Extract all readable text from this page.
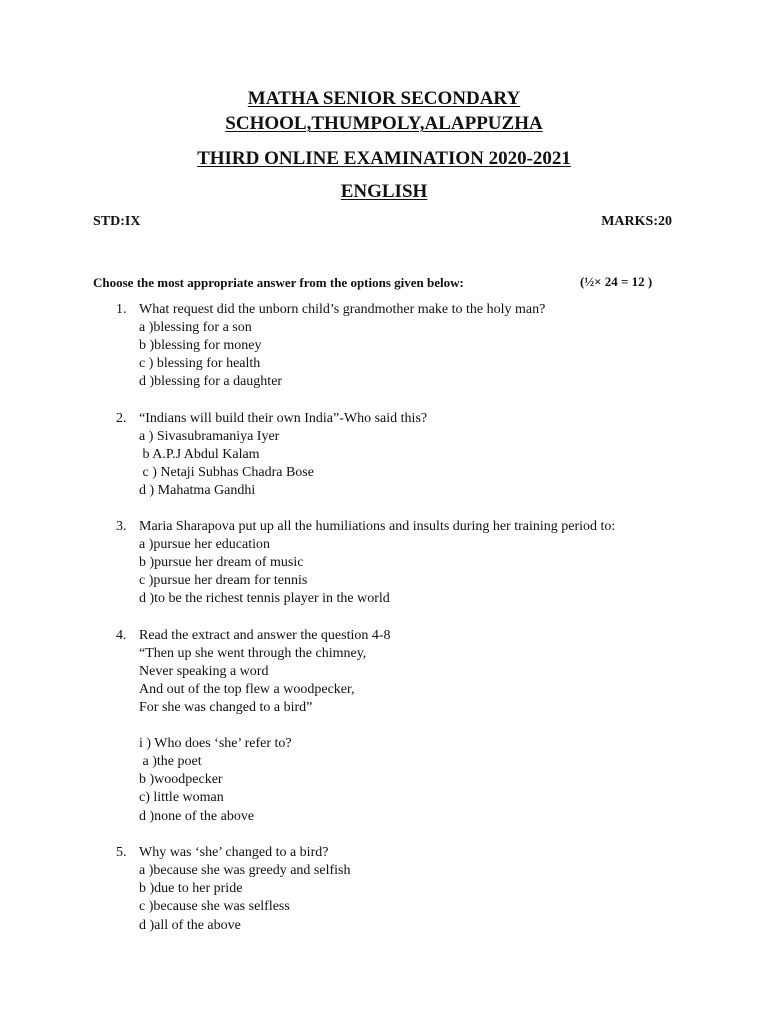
MATHA SENIOR SECONDARY
SCHOOL,THUMPOLY,ALAPPUZHA
THIRD ONLINE EXAMINATION 2020-2021
ENGLISH
STD:IX	MARKS:20
Choose the most appropriate answer from the options given below:	(½× 24 = 12 )
1. What request did the unborn child’s grandmother make to the holy man?
a )blessing for a son
b )blessing for money
c ) blessing for health
d )blessing for a daughter
2. “Indians will build their own India”-Who said this?
a ) Sivasubramaniya Iyer
b A.P.J Abdul Kalam
c ) Netaji Subhas Chadra Bose
d ) Mahatma Gandhi
3. Maria Sharapova put up all the humiliations and insults during her training period to:
a )pursue her education
b )pursue her dream of music
c )pursue her dream for tennis
d )to be the richest tennis player in the world
4. Read the extract and answer the question 4-8
“Then up she went through the chimney,
Never speaking a word
And out of the top flew a woodpecker,
For she was changed to a bird”
i ) Who does ‘she’ refer to?
a )the poet
b )woodpecker
c) little woman
d )none of the above
5. Why was ‘she’ changed to a bird?
a )because she was greedy and selfish
b )due to her pride
c )because she was selfless
d )all of the above
